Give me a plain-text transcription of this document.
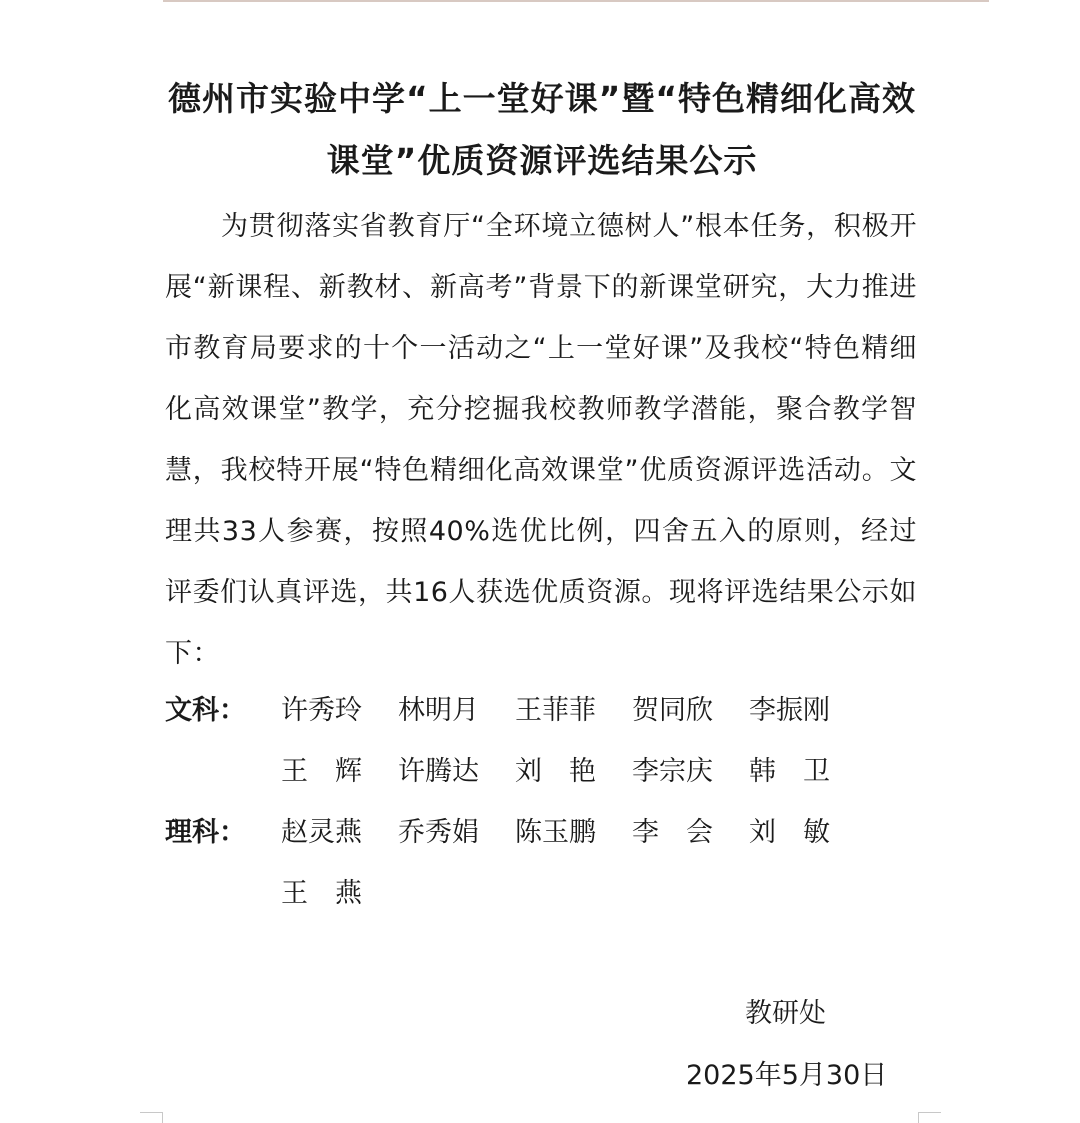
德州市实验中学“上一堂好课”暨“特色精细化高效课堂”优质资源评选结果公示
为贯彻落实省教育厅“全环境立德树人”根本任务，积极开展“新课程、新教材、新高考”背景下的新课堂研究，大力推进市教育局要求的十个一活动之“上一堂好课”及我校“特色精细化高效课堂”教学，充分挖掘我校教师教学潜能，聚合教学智慧，我校特开展“特色精细化高效课堂”优质资源评选活动。文理共33人参赛，按照40%选优比例，四舍五入的原则，经过评委们认真评选，共16人获选优质资源。现将评选结果公示如下：
文科： 许秀玲	林明月	王菲菲	贺同欣	李振刚
王　辉	许腾达	刘　艳	李宗庆	韩　卫
理科： 赵灵燕	乔秀娟	陈玉鹏	李　会	刘　敏
王　燕
教研处
2025年5月30日
